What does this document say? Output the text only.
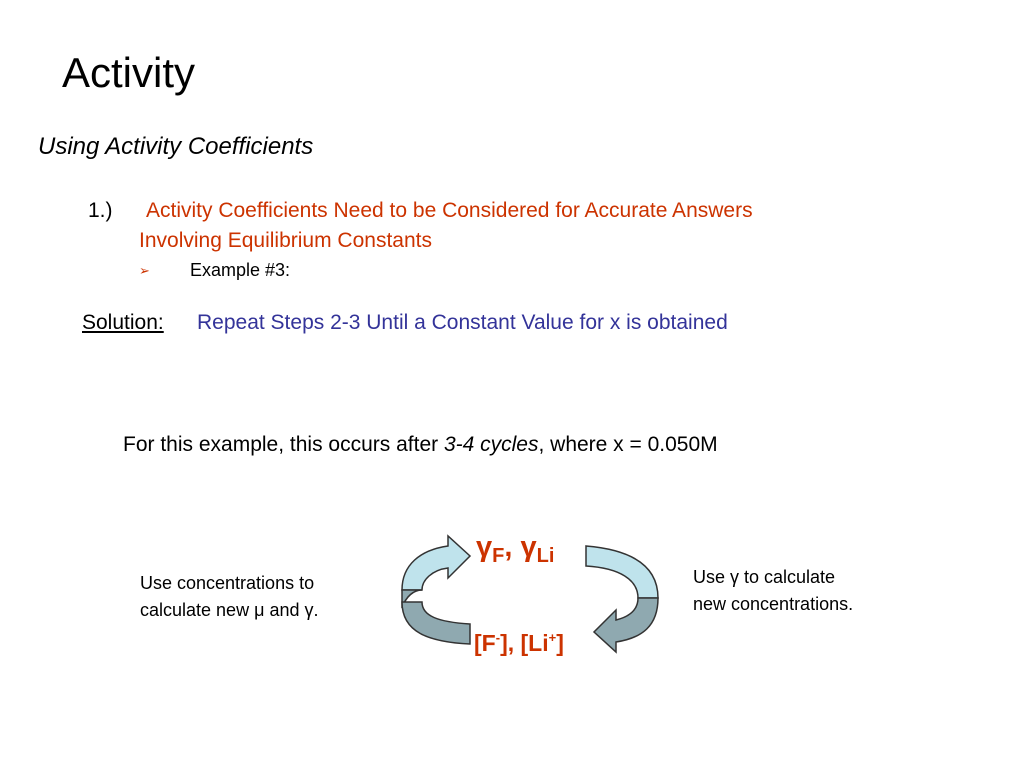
Activity
Using Activity Coefficients
1.) Activity Coefficients Need to be Considered for Accurate Answers
Involving Equilibrium Constants
➢ Example #3:
Solution: Repeat Steps 2-3 Until a Constant Value for x is obtained
For this example, this occurs after 3-4 cycles, where x = 0.050M
$\gamma_F$, $\gamma_{Li}$
[F-], [Li+]
Use concentrations to
calculate new μ and γ.
Use γ to calculate
new concentrations.
